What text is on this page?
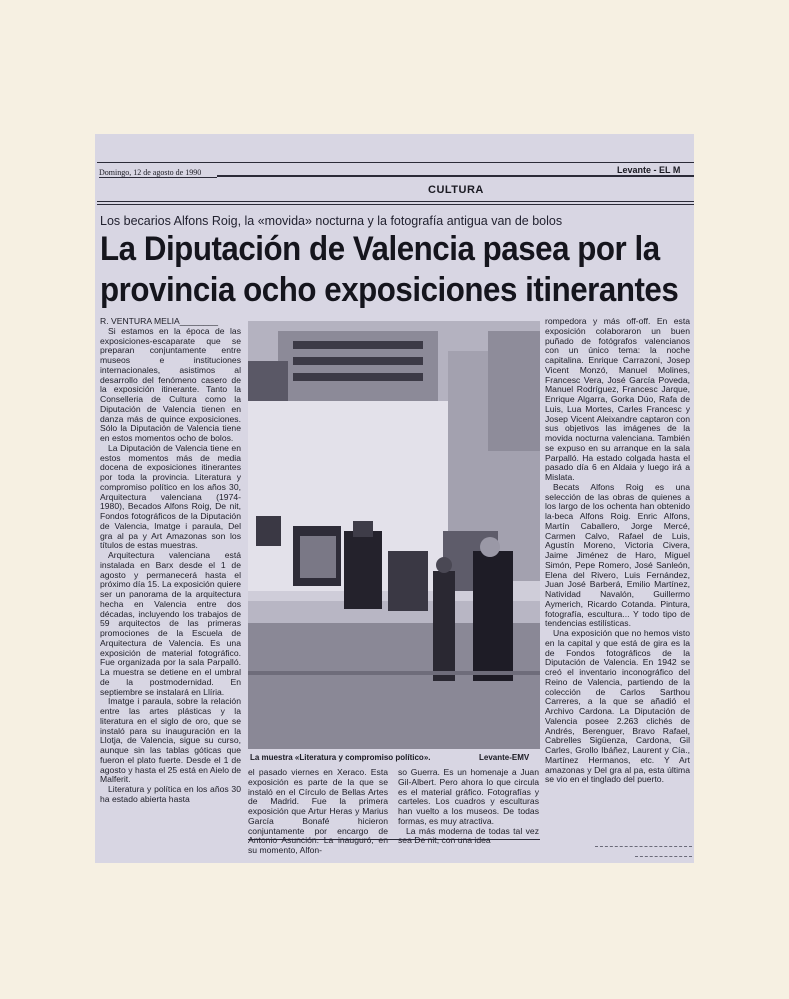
Domingo, 12 de agosto de 1990	Levante - EL M
CULTURA
Los becarios Alfons Roig, la «movida» nocturna y la fotografía antigua van de bolos
La Diputación de Valencia pasea por la
provincia ocho exposiciones itinerantes
R. VENTURA MELIA________

Si estamos en la época de las exposiciones-escaparate que se preparan conjuntamente entre museos e instituciones internacionales, asistimos al desarrollo del fenómeno casero de la exposición itinerante. Tanto la Conselleria de Cultura como la Diputación de Valencia tienen en danza más de quince exposiciones. Sólo la Diputación de Valencia tiene en estos momentos ocho de bolos.

La Diputación de Valencia tiene en estos momentos más de media docena de exposiciones itinerantes por toda la provincia. Literatura y compromiso político en los años 30, Arquitectura valenciana (1974-1980), Becados Alfons Roig, De nit, Fondos fotográficos de la Diputación de Valencia, Imatge i paraula, Del gra al pa y Art Amazonas son los títulos de estas muestras.

Arquitectura valenciana está instalada en Barx desde el 1 de agosto y permanecerá hasta el próximo día 15. La exposición quiere ser un panorama de la arquitectura hecha en Valencia entre dos décadas, incluyendo los trabajos de 59 arquitectos de las primeras promociones de la Escuela de Arquitectura de Valencia. Es una exposición de material fotográfico. Fue organizada por la sala Parpalló. La muestra se detiene en el umbral de la postmodernidad. En septiembre se instalará en Llíria.

Imatge i paraula, sobre la relación entre las artes plásticas y la literatura en el siglo de oro, que se instaló para su inauguración en la Llotja, de Valencia, sigue su curso, aunque sin las tablas góticas que fueron el plato fuerte. Desde el 1 de agosto y hasta el 25 está en Aielo de Malferit.

Literatura y política en los años 30 ha estado abierta hasta

La muestra «Literatura y compromiso político».	Levante-EMV

el pasado viernes en Xeraco. Esta exposición es parte de la que se instaló en el Círculo de Bellas Artes de Madrid. Fue la primera exposición que Artur Heras y Marius García Bonafé hicieron conjuntamente por encargo de Antonio Asunción. La inauguró, en su momento, Alfon-

so Guerra. Es un homenaje a Juan Gil-Albert. Pero ahora lo que circula es el material gráfico. Fotografías y carteles. Los cuadros y esculturas han vuelto a los museos. De todas formas, es muy atractiva.

La más moderna de todas tal vez sea De nit, con una idea

rompedora y más off-off. En esta exposición colaboraron un buen puñado de fotógrafos valencianos con un único tema: la noche capitalina. Enrique Carrazoni, Josep Vicent Monzó, Manuel Molines, Francesc Vera, José García Poveda, Manuel Rodríguez, Francesc Jarque, Enrique Algarra, Gorka Dúo, Rafa de Luis, Lua Mortes, Carles Francesc y Josep Vicent Aleixandre captaron con sus objetivos las imágenes de la movida nocturna valenciana. También se expuso en su arranque en la sala Parpalló. Ha estado colgada hasta el pasado día 6 en Aldaia y luego irá a Mislata.

Becats Alfons Roig es una selección de las obras de quienes a los largo de los ochenta han obtenido la-beca Alfons Roig. Enric Alfons, Martín Caballero, Jorge Mercé, Carmen Calvo, Rafael de Luis, Agustín Moreno, Victoria Civera, Jaime Jiménez de Haro, Miguel Simón, Pepe Romero, José Sanleón, Elena del Rivero, Luis Fernández, Juan José Barberá, Emilio Martínez, Natividad Navalón, Guillermo Aymerich, Ricardo Cotanda. Pintura, fotografía, escultura... Y todo tipo de tendencias estilísticas.

Una exposición que no hemos visto en la capital y que está de gira es la de Fondos fotográficos de la Diputación de Valencia. En 1942 se creó el inventario inconográfico del Reino de Valencia, partiendo de la colección de Carlos Sarthou Carreres, a la que se añadió el Archivo Cardona. La Diputación de Valencia posee 2.263 clichés de Andrés, Berenguer, Bravo Rafael, Cabrelles Sigüenza, Cardona, Gil Carles, Grollo Ibáñez, Laurent y Cía., Martínez Hermanos, etc. Y Art amazonas y Del gra al pa, esta última se vio en el tinglado del puerto.
